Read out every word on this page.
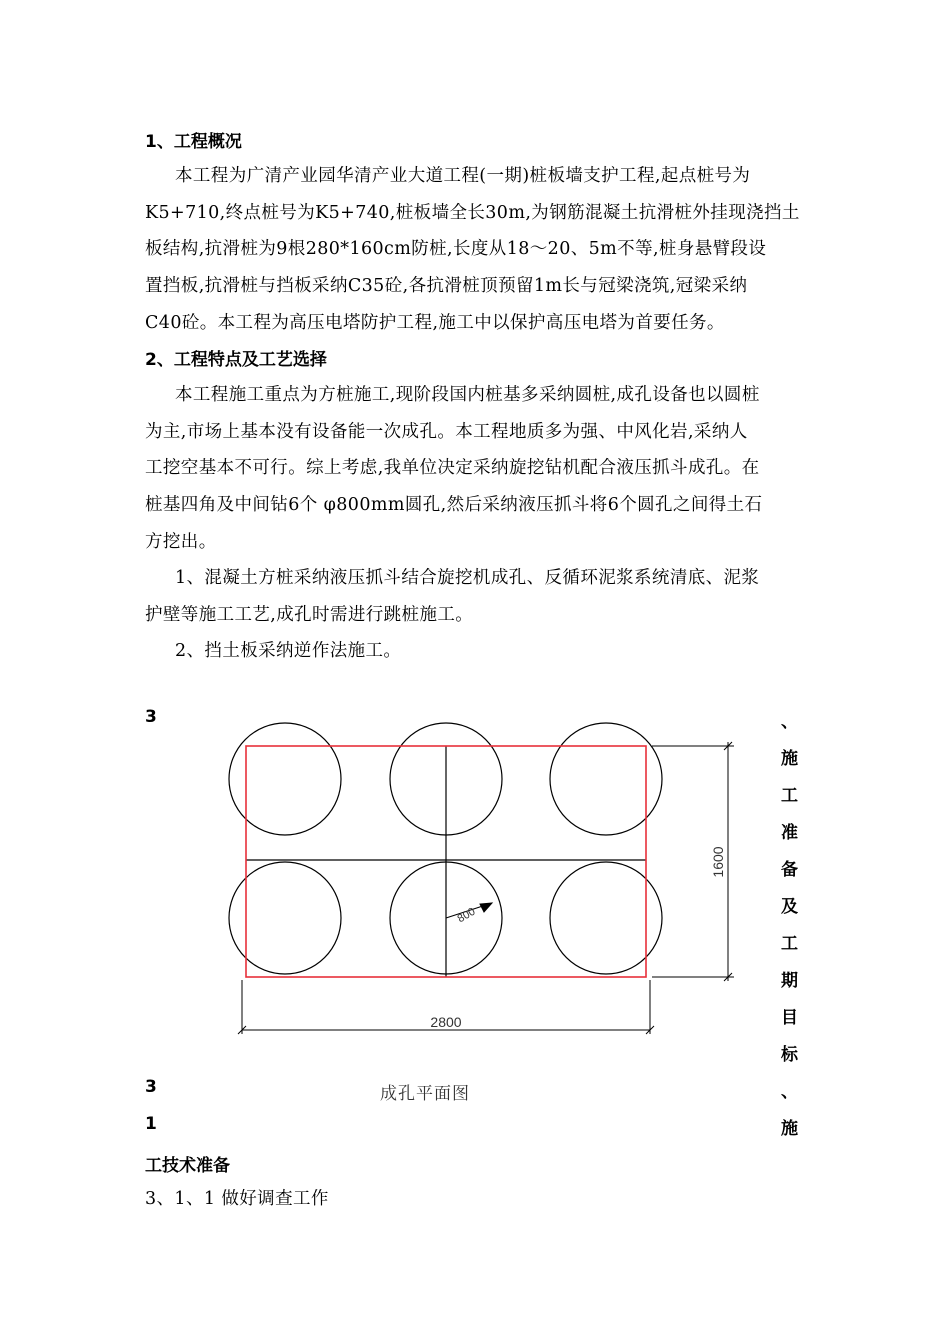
1、工程概况
本工程为广清产业园华清产业大道工程(一期)桩板墙支护工程,起点桩号为
K5+710,终点桩号为K5+740,桩板墙全长30m,为钢筋混凝土抗滑桩外挂现浇挡土
板结构,抗滑桩为9根280*160cm防桩,长度从18～20、5m不等,桩身悬臂段设
置挡板,抗滑桩与挡板采纳C35砼,各抗滑桩顶预留1m长与冠梁浇筑,冠梁采纳
C40砼。本工程为高压电塔防护工程,施工中以保护高压电塔为首要任务。
2、工程特点及工艺选择
本工程施工重点为方桩施工,现阶段国内桩基多采纳圆桩,成孔设备也以圆桩
为主,市场上基本没有设备能一次成孔。本工程地质多为强、中风化岩,采纳人
工挖空基本不可行。综上考虑,我单位决定采纳旋挖钻机配合液压抓斗成孔。在
桩基四角及中间钻6个 φ800mm圆孔,然后采纳液压抓斗将6个圆孔之间得土石
方挖出。
1、混凝土方桩采纳液压抓斗结合旋挖机成孔、反循环泥浆系统清底、泥浆
护壁等施工工艺,成孔时需进行跳桩施工。
2、挡土板采纳逆作法施工。
3
3
1
、
施
工
准
备
及
工
期
目
标
、
施
工技术准备
3、1、1 做好调查工作
2800
1600
800
成孔平面图
